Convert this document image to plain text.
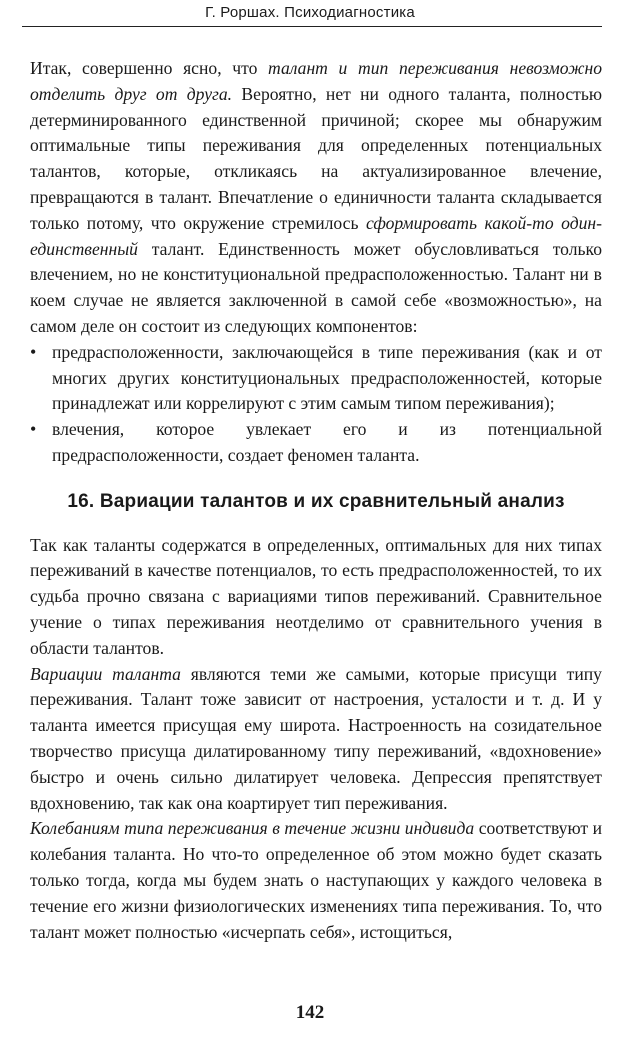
Г. Роршах. Психодиагностика

Итак, совершенно ясно, что талант и тип переживания невозможно отделить друг от друга. Вероятно, нет ни одного таланта, полностью детерминированного единственной причиной; скорее мы обнаружим оптимальные типы переживания для определенных потенциальных талантов, которые, откликаясь на актуализированное влечение, превращаются в талант. Впечатление о единичности таланта складывается только потому, что окружение стремилось сформировать какой-то один-единственный талант. Единственность может обусловливаться только влечением, но не конституциональной предрасположенностью. Талант ни в коем случае не является заключенной в самой себе «возможностью», на самом деле он состоит из следующих компонентов:

• предрасположенности, заключающейся в типе переживания (как и от многих других конституциональных предрасположенностей, которые принадлежат или коррелируют с этим самым типом переживания);
• влечения, которое увлекает его и из потенциальной предрасположенности, создает феномен таланта.
16. Вариации талантов и их сравнительный анализ

Так как таланты содержатся в определенных, оптимальных для них типах переживаний в качестве потенциалов, то есть предрасположенностей, то их судьба прочно связана с вариациями типов переживаний. Сравнительное учение о типах переживания неотделимо от сравнительного учения в области талантов.

Вариации таланта являются теми же самыми, которые присущи типу переживания. Талант тоже зависит от настроения, усталости и т. д. И у таланта имеется присущая ему широта. Настроенность на созидательное творчество присуща дилатированному типу переживаний, «вдохновение» быстро и очень сильно дилатирует человека. Депрессия препятствует вдохновению, так как она коартирует тип переживания.

Колебаниям типа переживания в течение жизни индивида соответствуют и колебания таланта. Но что-то определенное об этом можно будет сказать только тогда, когда мы будем знать о наступающих у каждого человека в течение его жизни физиологических изменениях типа переживания. То, что талант может полностью «исчерпать себя», истощиться,

142
